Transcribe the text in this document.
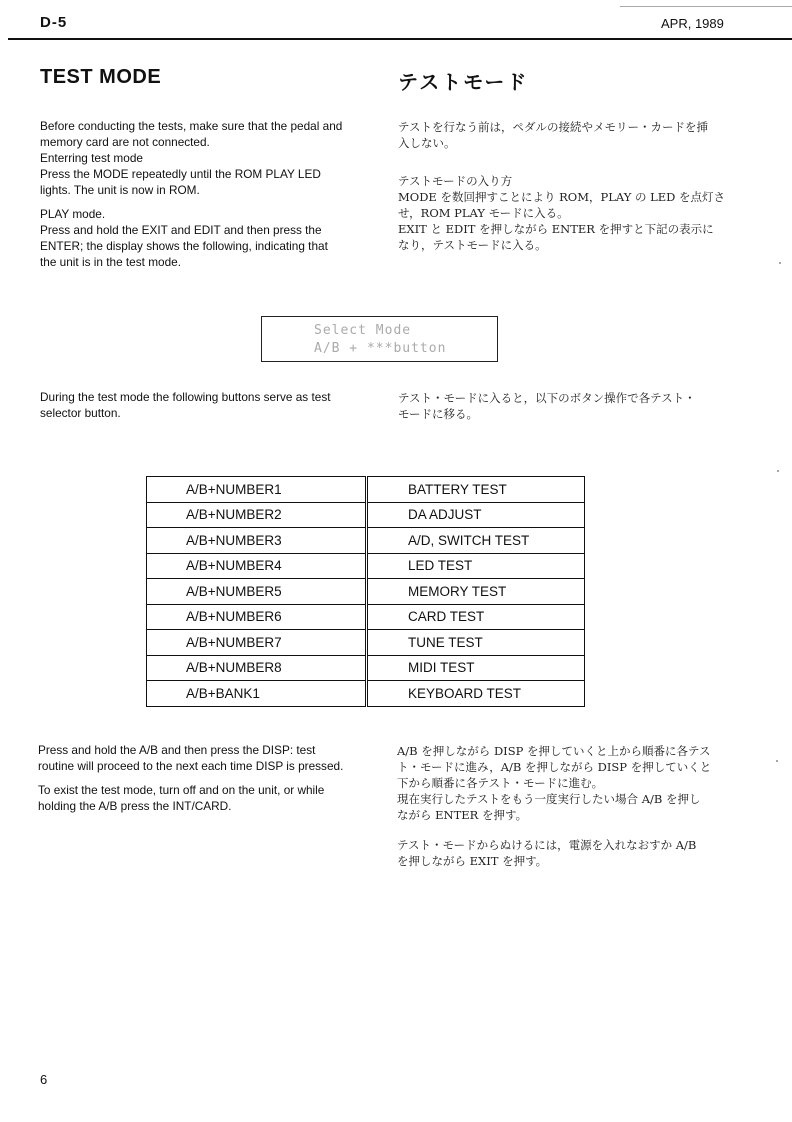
D-5	APR, 1989
TEST MODE	テストモード
Before conducting the tests, make sure that the pedal and
memory card are not connected.
Enterring test mode
Press the MODE repeatedly until the ROM PLAY LED
lights. The unit is now in ROM.
PLAY mode.
Press and hold the EXIT and EDIT and then press the
ENTER; the display shows the following, indicating that
the unit is in the test mode.
テストを行なう前は，ペダルの接続やメモリー・カードを挿
入しない。
テストモードの入り方
MODE を数回押すことにより ROM，PLAY の LED を点灯さ
せ，ROM PLAY モードに入る。
EXIT と EDIT を押しながら ENTER を押すと下記の表示に
なり，テストモードに入る。
Select Mode
A/B + ***button
During the test mode the following buttons serve as test
selector button.
テスト・モードに入ると，以下のボタン操作で各テスト・
モードに移る。
A/B+NUMBER1	BATTERY TEST
A/B+NUMBER2	DA ADJUST
A/B+NUMBER3	A/D, SWITCH TEST
A/B+NUMBER4	LED TEST
A/B+NUMBER5	MEMORY TEST
A/B+NUMBER6	CARD TEST
A/B+NUMBER7	TUNE TEST
A/B+NUMBER8	MIDI TEST
A/B+BANK1	KEYBOARD TEST
Press and hold the A/B and then press the DISP: test
routine will proceed to the next each time DISP is pressed.
To exist the test mode, turn off and on the unit, or while
holding the A/B press the INT/CARD.
A/B を押しながら DISP を押していくと上から順番に各テス
ト・モードに進み，A/B を押しながら DISP を押していくと
下から順番に各テスト・モードに進む。
現在実行したテストをもう一度実行したい場合 A/B を押し
ながら ENTER を押す。
テスト・モードからぬけるには，電源を入れなおすか A/B
を押しながら EXIT を押す。
6
